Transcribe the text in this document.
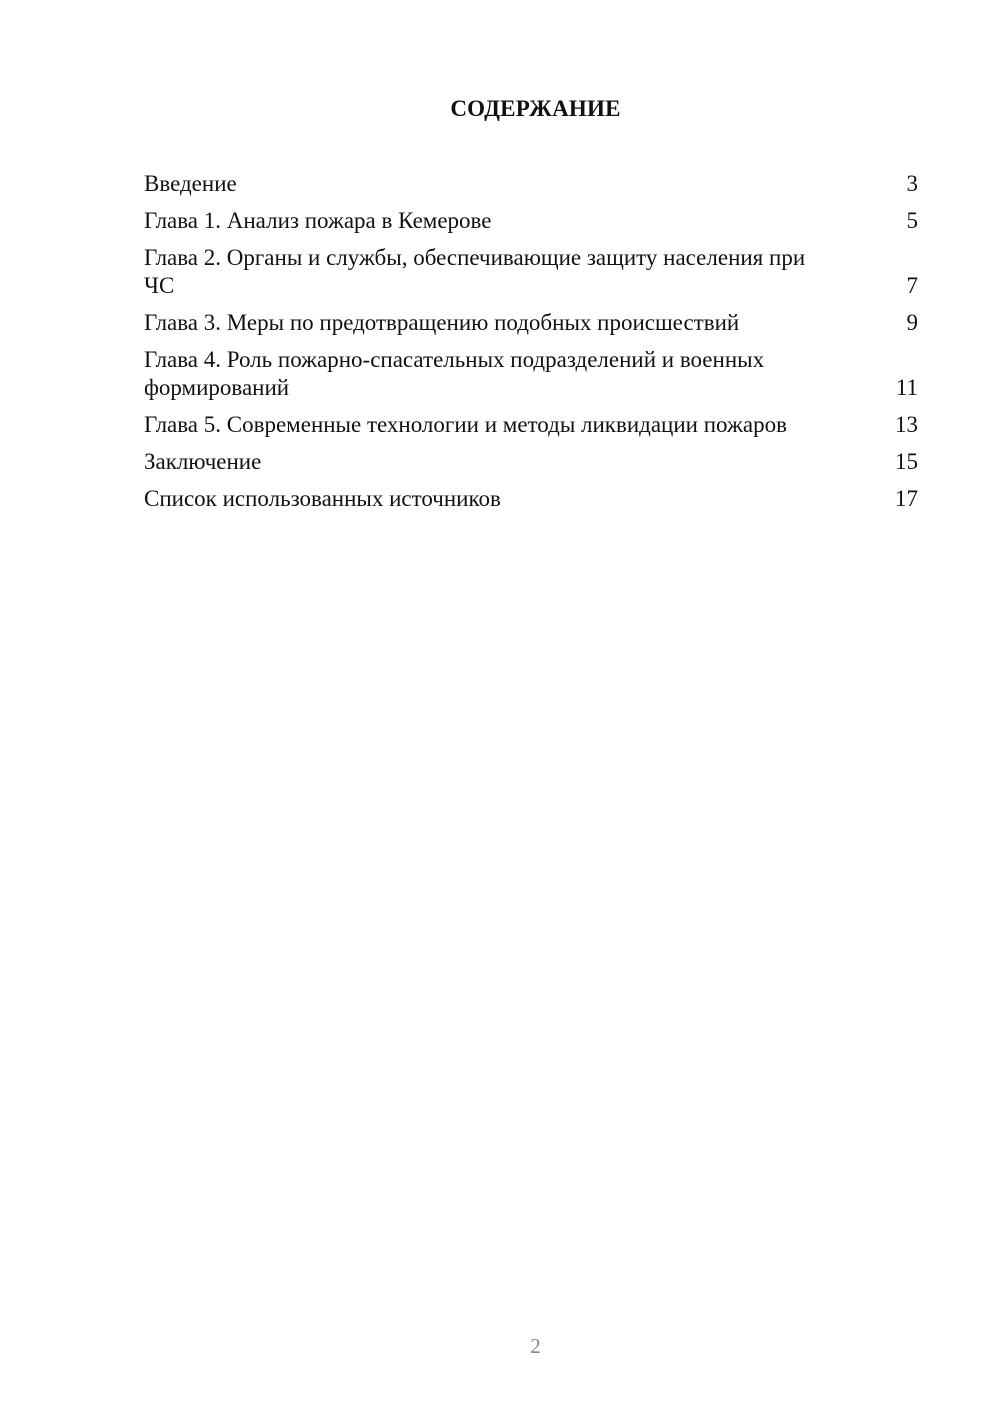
СОДЕРЖАНИЕ
Введение	3
Глава 1. Анализ пожара в Кемерове	5
Глава 2. Органы и службы, обеспечивающие защиту населения при ЧС	7
Глава 3. Меры по предотвращению подобных происшествий	9
Глава 4. Роль пожарно-спасательных подразделений и военных формирований	11
Глава 5. Современные технологии и методы ликвидации пожаров	13
Заключение	15
Список использованных источников	17
2
